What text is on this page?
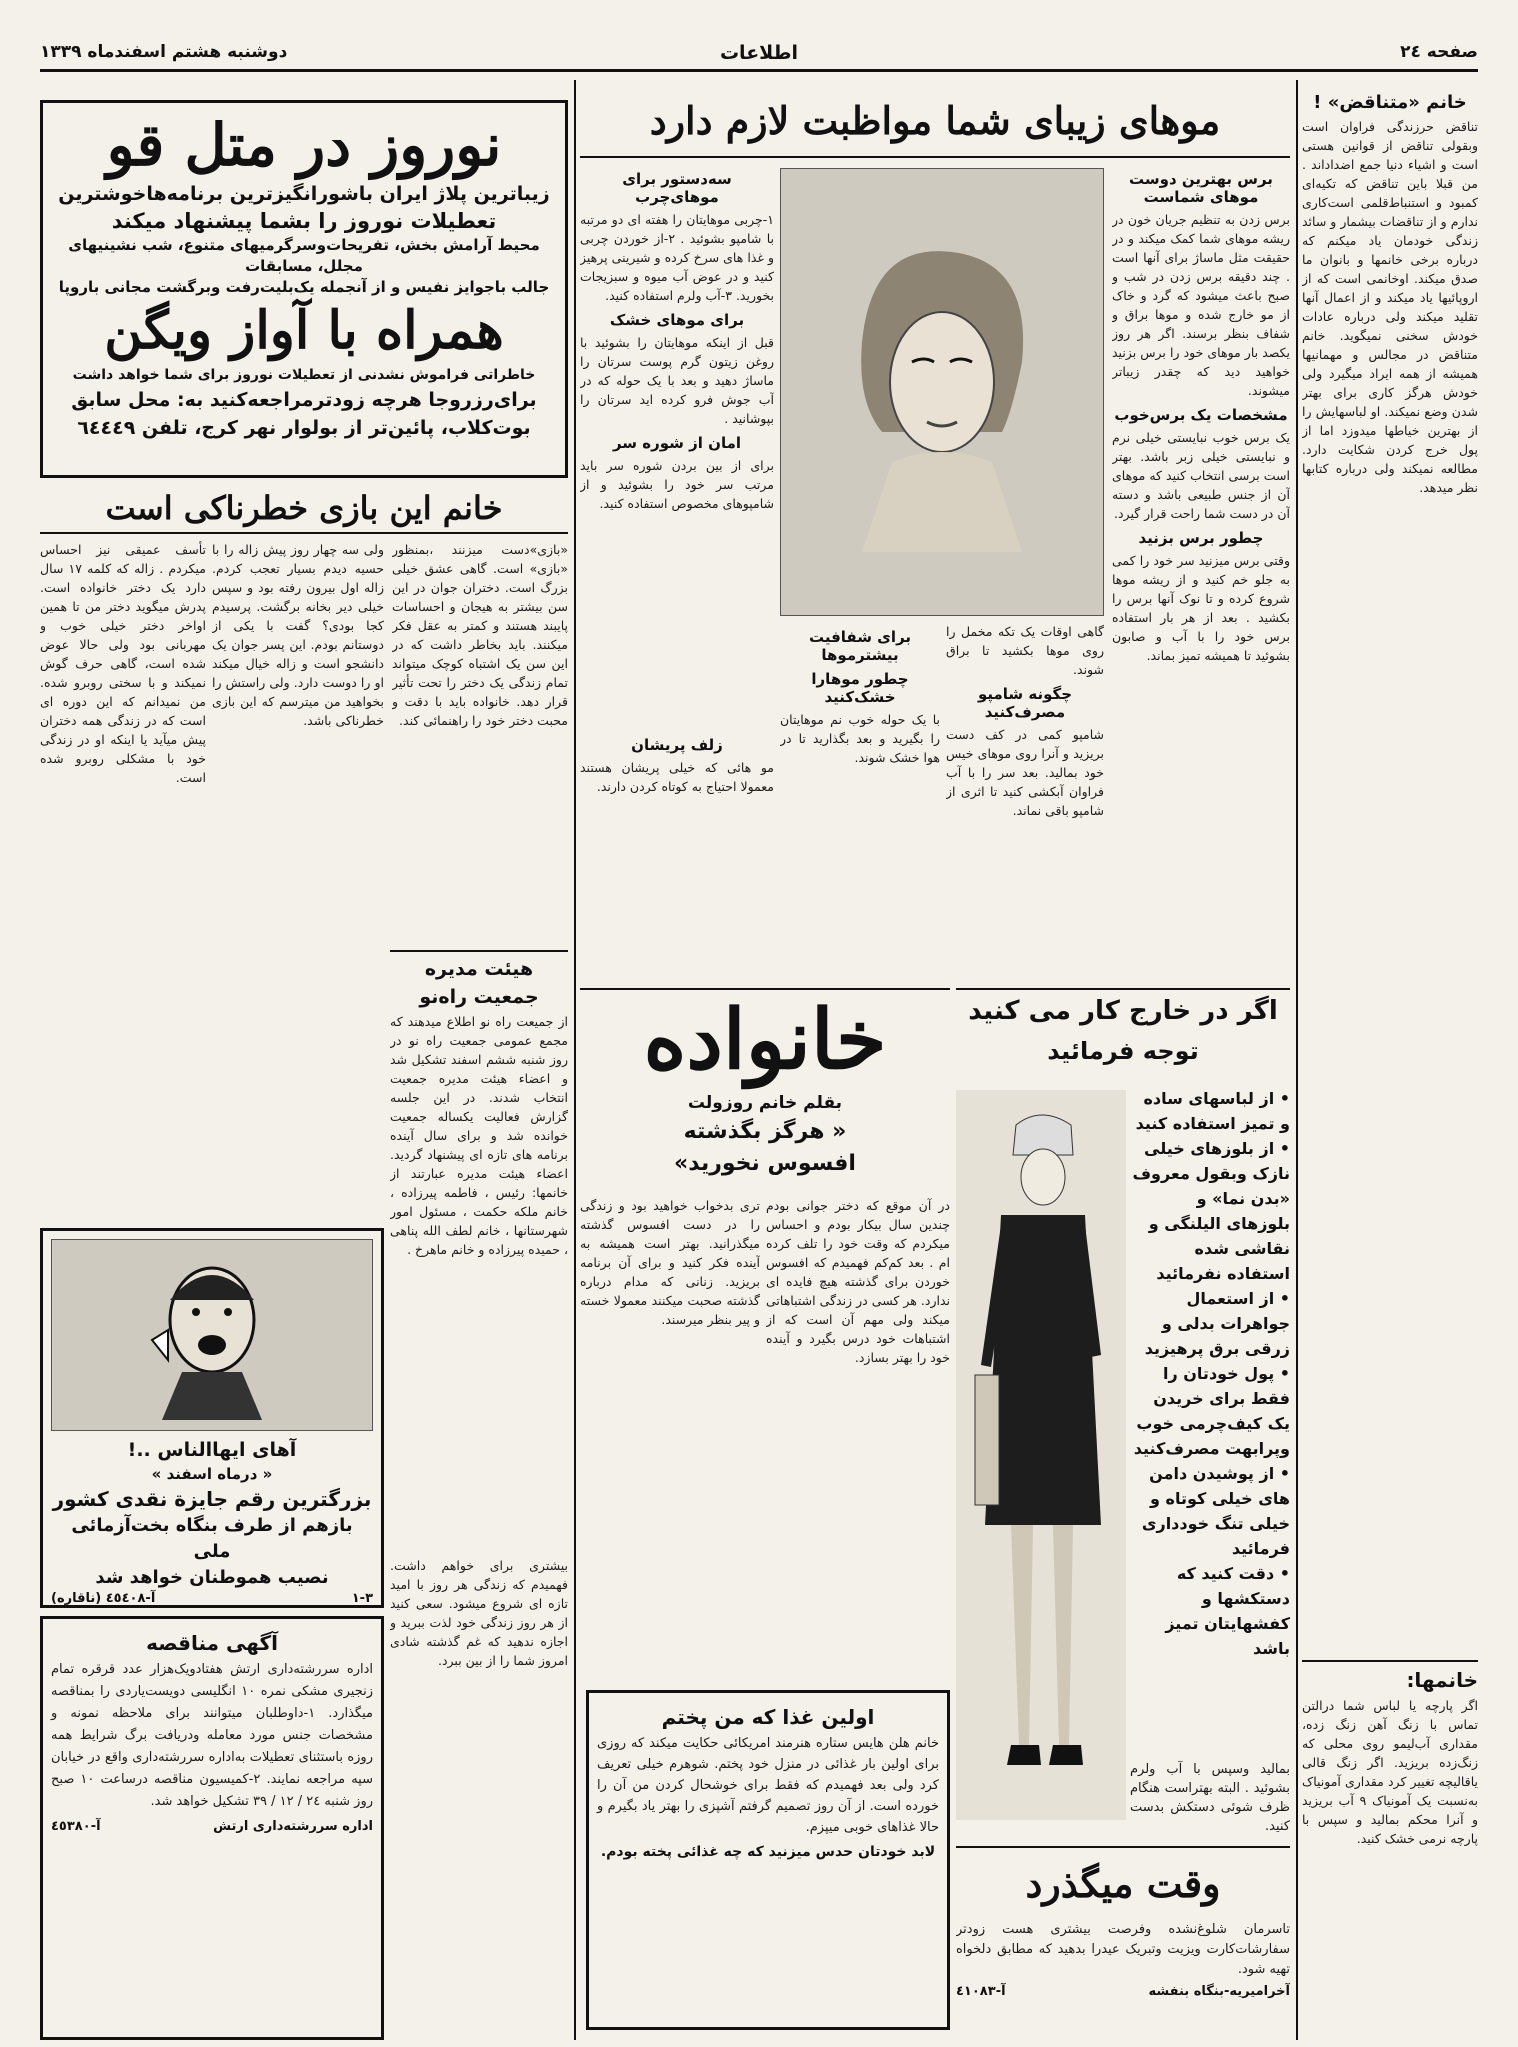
صفحه ٢٤
اطلاعات
دوشنبه هشتم اسفندماه ١٣٣٩
نوروز در متل قو
زیباترین پلاژ ایران باشورانگیزترین برنامه‌هاخوشترین
تعطیلات نوروز را بشما پیشنهاد میکند
محیط آرامش بخش، تفریحات‌وسرگرمیهای متنوع، شب نشینیهای مجلل، مسابقات
جالب باجوایز نفیس و از آنجمله یک‌بلیت‌رفت وبرگشت مجانی باروپا
همراه با آواز ویگن
خاطراتی فراموش نشدنی از تعطیلات نوروز برای شما خواهد داشت
برای‌رزروجا هرچه زودترمراجعه‌کنید به: محل سابق
بوت‌کلاب، پائین‌تر از بولوار نهر کرج، تلفن ٦٤٤٤٩
خانم این بازی خطرناکی است
«بازی»دست میزنند ،بمنظور «بازی» است. گاهی عشق خیلی بزرگ است. دختران جوان در این سن بیشتر به هیجان و احساسات پایبند هستند و کمتر به عقل فکر میکنند. باید بخاطر داشت که در این سن یک اشتباه کوچک میتواند تمام زندگی یک دختر را تحت تأثیر قرار دهد. خانواده باید با دقت و محبت دختر خود را راهنمائی کند.
ولی سه چهار روز پیش زاله را با حسیه دیدم بسیار تعجب کردم. زاله اول بیرون رفته بود و سپس خیلی دیر بخانه برگشت. پرسیدم کجا بودی؟ گفت با یکی از دوستانم بودم. این پسر جوان یک دانشجو است و زاله خیال میکند او را دوست دارد. ولی راستش را بخواهید من میترسم که این بازی خطرناکی باشد.
تأسف عمیقی نیز احساس میکردم . زاله که کلمه ۱۷ سال دارد یک دختر خانواده است. پدرش میگوید دختر من تا همین اواخر دختر خیلی خوب و مهربانی بود ولی حالا عوض شده است، گاهی حرف گوش نمیکند و با سختی روبرو شده. من نمیدانم که این دوره ای است که در زندگی همه دختران پیش میآید یا اینکه او در زندگی خود با مشکلی روبرو شده است.
هیئت مدیره
جمعیت راه‌نو
از جمیعت راه نو اطلاع میدهند که مجمع عمومی جمعیت راه نو در روز شنبه ششم اسفند تشکیل شد و اعضاء هیئت مدیره جمعیت انتخاب شدند. در این جلسه گزارش فعالیت یکساله جمعیت خوانده شد و برای سال آینده برنامه های تازه ای پیشنهاد گردید. اعضاء هیئت مدیره عبارتند از خانمها: رئیس ، فاطمه پیرزاده ، خانم ملکه حکمت ، مسئول امور شهرستانها ، خانم لطف الله پناهی ، حمیده پیرزاده و خانم ماهرخ .
آهای ایهاالناس ..!
« درماه اسفند »
بزرگترین رقم جایزة نقدی کشور
بازهم از طرف بنگاه بخت‌آزمائی ملی
نصیب هموطنان خواهد شد
۱-۳
آ-٤٥٤٠٨ (ناقاره)
آگهی مناقصه
اداره سررشته‌داری ارتش هفتادویک‌هزار عدد قرقره تمام زنجیری مشکی نمره ١٠ انگلیسی دویست‌یاردی را بمناقصه میگذارد. ١-داوطلبان میتوانند برای ملاحظه نمونه و مشخصات جنس مورد معامله ودریافت برگ شرایط همه روزه باستثنای تعطیلات به‌اداره سررشته‌داری واقع در خیابان سپه مراجعه نمایند. ٢-کمیسیون مناقصه درساعت ١٠ صبح روز شنبه ٢٤ / ١٢ / ٣٩ تشکیل خواهد شد.
اداره سررشته‌داری ارتش
آ-٤٥٣٨٠
بیشتری برای خواهم داشت. فهمیدم که زندگی هر روز با امید تازه ای شروع میشود. سعی کنید از هر روز زندگی خود لذت ببرید و اجازه ندهید که غم گذشته شادی امروز شما را از بین ببرد.
موهای زیبای شما مواظبت لازم دارد
برس بهترین دوست موهای شماست
برس زدن به تنظیم جریان خون در ریشه موهای شما کمک میکند و در حقیقت مثل ماساژ برای آنها است . چند دقیقه برس زدن در شب و صبح باعث میشود که گرد و خاک از مو خارج شده و موها براق و شفاف بنظر برسند. اگر هر روز یکصد بار موهای خود را برس بزنید خواهید دید که چقدر زیباتر میشوند.
مشخصات یک برس‌خوب
یک برس خوب نبایستی خیلی نرم و نبایستی خیلی زبر باشد. بهتر است برسی انتخاب کنید که موهای آن از جنس طبیعی باشد و دسته آن در دست شما راحت قرار گیرد.
چطور برس بزنید
وقتی برس میزنید سر خود را کمی به جلو خم کنید و از ریشه موها شروع کرده و تا نوک آنها برس را بکشید . بعد از هر بار استفاده برس خود را با آب و صابون بشوئید تا همیشه تمیز بماند.
سه‌دستور برای موهای‌چرب
١-چربی موهایتان را هفته ای دو مرتبه با شامپو بشوئید . ٢-از خوردن چربی و غذا های سرخ کرده و شیرینی پرهیز کنید و در عوض آب میوه و سبزیجات بخورید. ٣-آب ولرم استفاده کنید.
برای موهای خشک
قبل از اینکه موهایتان را بشوئید با روغن زیتون گرم پوست سرتان را ماساژ دهید و بعد با یک حوله که در آب جوش فرو کرده اید سرتان را بپوشانید .
امان از شوره سر
برای از بین بردن شوره سر باید مرتب سر خود را بشوئید و از شامپوهای مخصوص استفاده کنید.
گاهی اوقات یک تکه مخمل را روی موها بکشید تا براق شوند.
چگونه شامپو مصرف‌کنید
شامپو کمی در کف دست بریزید و آنرا روی موهای خیس خود بمالید. بعد سر را با آب فراوان آبکشی کنید تا اثری از شامپو باقی نماند.
برای شفافیت بیشترموها
چطور موهارا خشک‌کنید
با یک حوله خوب نم موهایتان را بگیرید و بعد بگذارید تا در هوا خشک شوند.
زلف پریشان
مو هائی که خیلی پریشان هستند معمولا احتیاج به کوتاه کردن دارند.
خانواده
بقلم خانم روزولت
« هرگز بگذشته
افسوس نخورید»
در آن موقع که دختر جوانی بودم چندین سال بیکار بودم و احساس میکردم که وقت خود را تلف کرده ام . بعد کم‌کم فهمیدم که افسوس خوردن برای گذشته هیچ فایده ای ندارد. هر کسی در زندگی اشتباهاتی میکند ولی مهم آن است که از اشتباهات خود درس بگیرد و آینده خود را بهتر بسازد.
تری بدخواب خواهید بود و زندگی را در دست افسوس گذشته میگذرانید. بهتر است همیشه به آینده فکر کنید و برای آن برنامه بریزید. زنانی که مدام درباره گذشته صحبت میکنند معمولا خسته و پیر بنظر میرسند.
اولین غذا که من پختم
خانم هلن هایس ستاره هنرمند امریکائی حکایت میکند که روزی برای اولین بار غذائی در منزل خود پختم. شوهرم خیلی تعریف کرد ولی بعد فهمیدم که فقط برای خوشحال کردن من آن را خورده است. از آن روز تصمیم گرفتم آشپزی را بهتر یاد بگیرم و حالا غذاهای خوبی میپزم.
لابد خودتان حدس میزنید که چه غذائی پخته بودم.
اگر در خارج کار می کنید
توجه فرمائید
• از لباسهای ساده و تمیز استفاده کنید
• از بلوزهای خیلی نازک وبقول معروف «بدن نما» و بلوزهای الیلنگی و نقاشی شده استفاده نفرمائید
• از استعمال جواهرات بدلی و زرقی برق پرهیزید
• پول خودتان را فقط برای خریدن یک کیف‌چرمی خوب وپرابهت مصرف‌کنید
• از پوشیدن دامن های خیلی کوتاه و خیلی تنگ خودداری فرمائید
• دقت کنید که دستکشها و کفشهایتان تمیز باشد
بمالید وسپس با آب ولرم بشوئید . البته بهتراست هنگام ظرف شوئی دستکش بدست کنید.
وقت میگذرد
تاسرمان شلوغ‌نشده وفرصت بیشتری هست زودتر سفارشات‌کارت ویزیت وتبریک عیدرا بدهید که مطابق دلخواه تهیه شود.
آخرامیریه-بنگاه بنفشه
آ-٤١٠٨٣
خانم «متناقض» !
تناقض حرزندگی فراوان است وبقولی تناقض از قوانین هستی است و اشیاء دنیا جمع اضداداند . من قبلا باین تناقض که تکیه‌ای کمبود و استنباط‌قلمی است‌کاری ندارم و از تناقضات بیشمار و سائد زندگی خودمان یاد میکنم که درباره برخی خانمها و بانوان ما صدق میکند. اوخانمی است که از اروپائیها یاد میکند و از اعمال آنها تقلید میکند ولی درباره عادات خودش سخنی نمیگوید. خانم متناقض در مجالس و مهمانیها همیشه از همه ایراد میگیرد ولی خودش هرگز کاری برای بهتر شدن وضع نمیکند. او لباسهایش را از بهترین خیاطها میدوزد اما از پول خرج کردن شکایت دارد. مطالعه نمیکند ولی درباره کتابها نظر میدهد.
خانمها:
اگر پارچه یا لباس شما درالتن تماس با زنگ آهن زنگ زده، مقداری آب‌لیمو روی محلی که زنگ‌زده بریزید. اگر زنگ قالی یاقالیچه تغییر کرد مقداری آمونیاک به‌نسبت یک آمونیاک ٩ آب بریزید و آنرا محکم بمالید و سپس با پارچه نرمی خشک کنید.
